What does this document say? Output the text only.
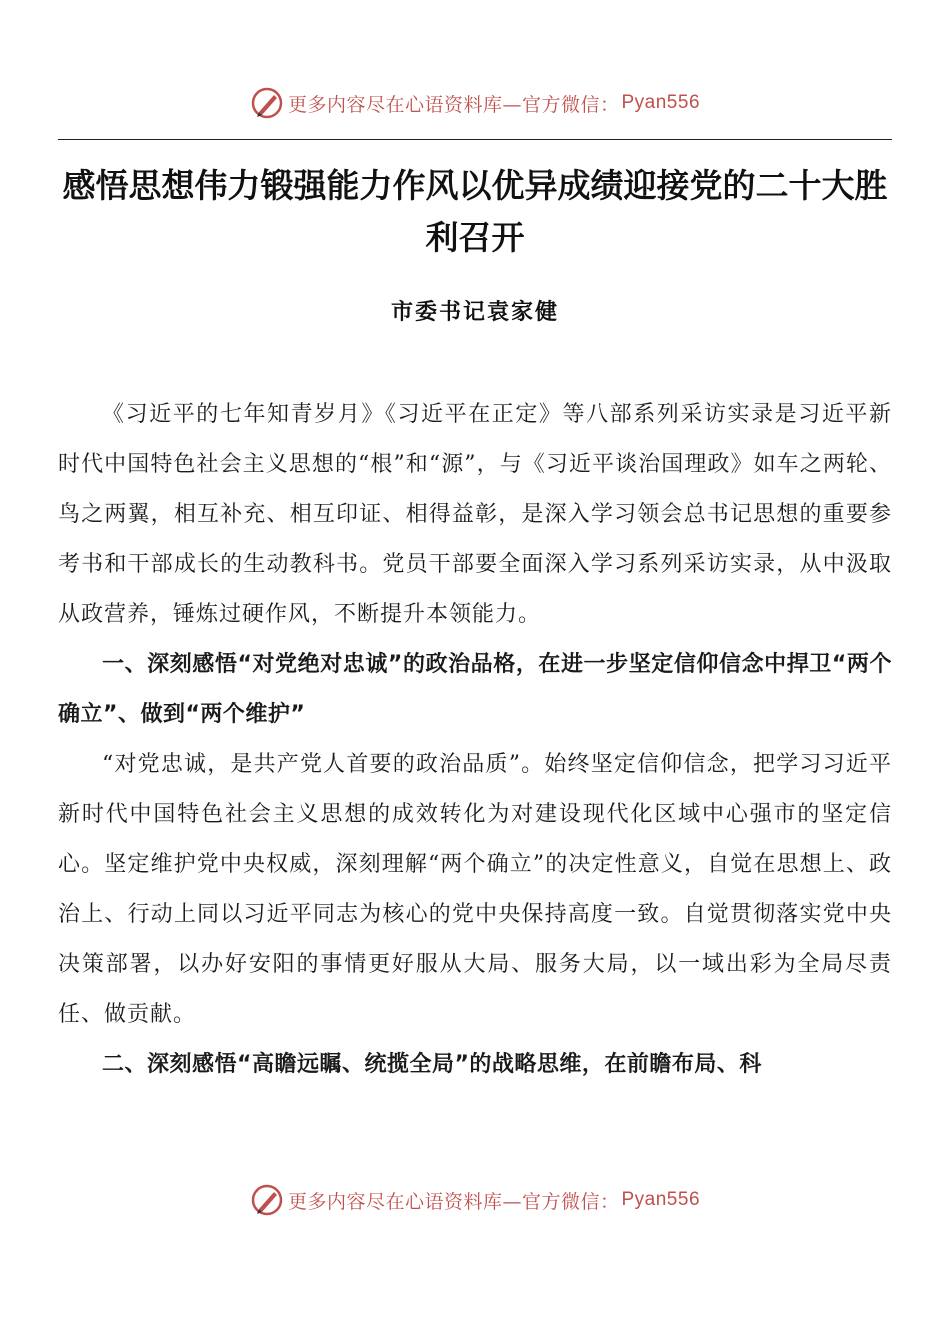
更多内容尽在心语资料库—官方微信： Pyan556
感悟思想伟力锻强能力作风以优异成绩迎接党的二十大胜利召开
市委书记袁家健

《习近平的七年知青岁月》《习近平在正定》等八部系列采访实录是习近平新时代中国特色社会主义思想的“根”和“源”，与《习近平谈治国理政》如车之两轮、鸟之两翼，相互补充、相互印证、相得益彰，是深入学习领会总书记思想的重要参考书和干部成长的生动教科书。党员干部要全面深入学习系列采访实录，从中汲取从政营养，锤炼过硬作风，不断提升本领能力。

一、深刻感悟“对党绝对忠诚”的政治品格，在进一步坚定信仰信念中捍卫“两个确立”、做到“两个维护”

“对党忠诚，是共产党人首要的政治品质”。始终坚定信仰信念，把学习习近平新时代中国特色社会主义思想的成效转化为对建设现代化区域中心强市的坚定信心。坚定维护党中央权威，深刻理解“两个确立”的决定性意义，自觉在思想上、政治上、行动上同以习近平同志为核心的党中央保持高度一致。自觉贯彻落实党中央决策部署，以办好安阳的事情更好服从大局、服务大局，以一域出彩为全局尽责任、做贡献。

二、深刻感悟“高瞻远瞩、统揽全局”的战略思维，在前瞻布局、科

更多内容尽在心语资料库—官方微信： Pyan556
